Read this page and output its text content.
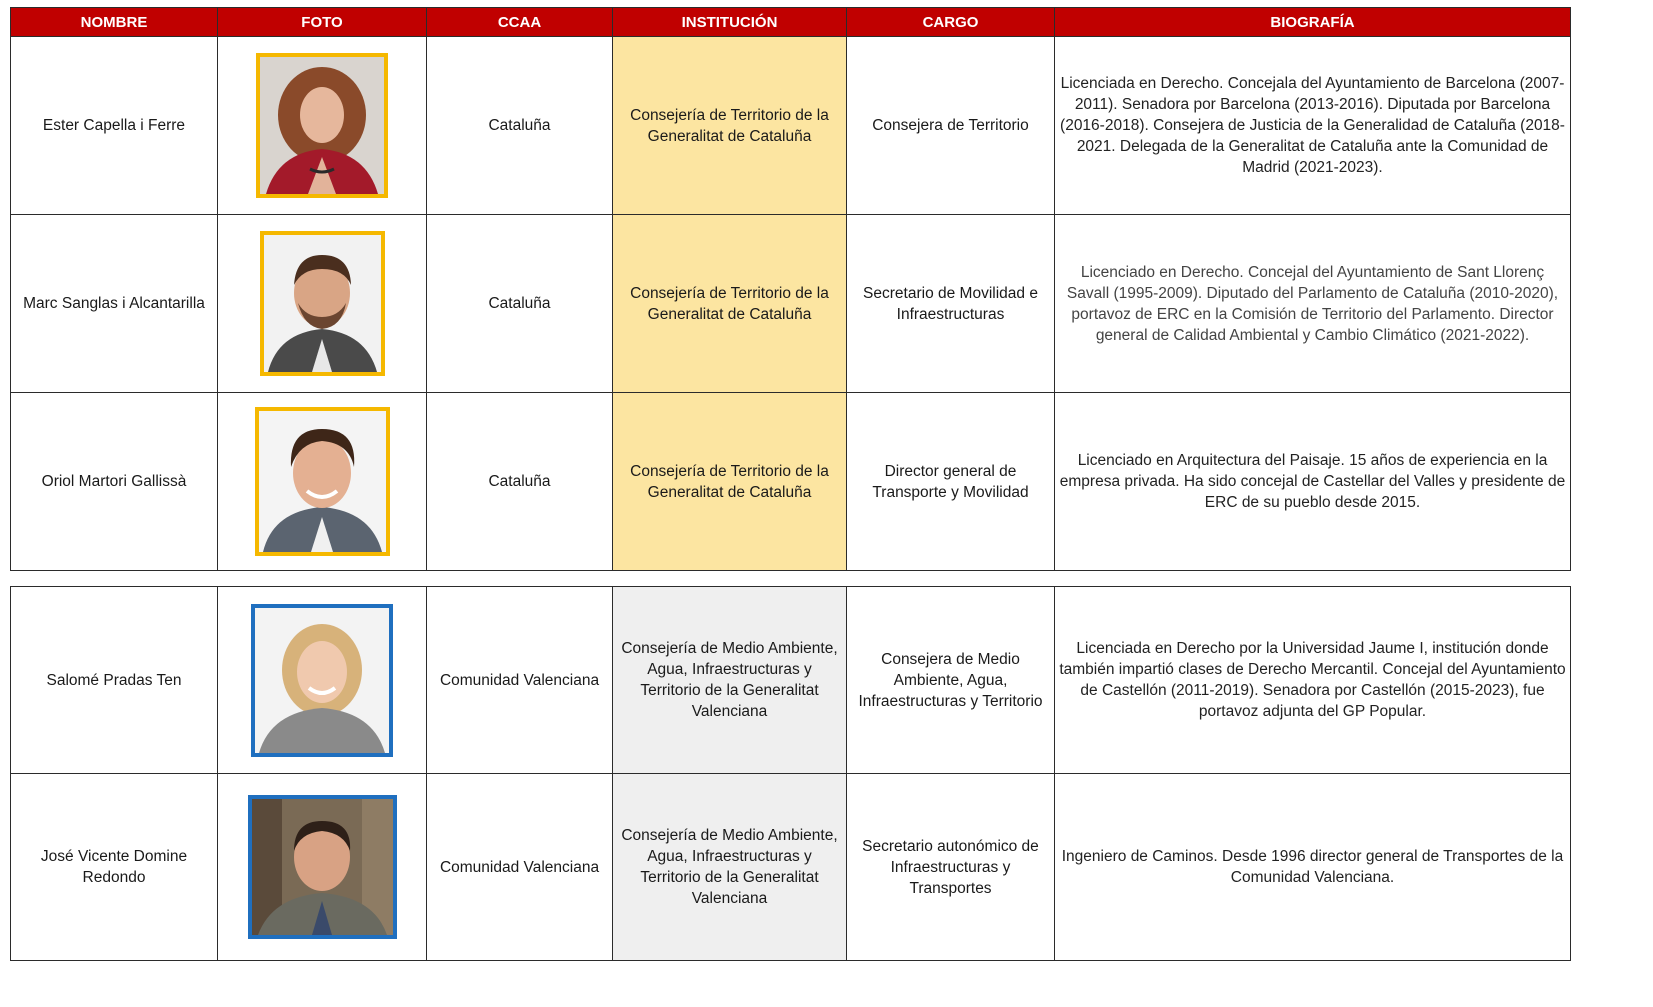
NOMBRE	FOTO	CCAA	INSTITUCIÓN	CARGO	BIOGRAFÍA
Ester Capella i Ferre		Cataluña	Consejería de Territorio de la Generalitat de Cataluña	Consejera de Territorio	Licenciada en Derecho. Concejala del Ayuntamiento de Barcelona (2007-2011). Senadora por Barcelona (2013-2016). Diputada por Barcelona (2016-2018). Consejera de Justicia de la Generalidad de Cataluña (2018-2021. Delegada de la Generalitat de Cataluña ante la Comunidad de Madrid (2021-2023).
Marc Sanglas i Alcantarilla		Cataluña	Consejería de Territorio de la Generalitat de Cataluña	Secretario de Movilidad e Infraestructuras	Licenciado en Derecho. Concejal del Ayuntamiento de Sant Llorenç Savall (1995-2009). Diputado del Parlamento de Cataluña (2010-2020), portavoz de ERC en la Comisión de Territorio del Parlamento. Director general de Calidad Ambiental y Cambio Climático (2021-2022).
Oriol Martori Gallissà		Cataluña	Consejería de Territorio de la Generalitat de Cataluña	Director general de Transporte y Movilidad	Licenciado en Arquitectura del Paisaje. 15 años de experiencia en la empresa privada. Ha sido concejal de Castellar del Valles y presidente de ERC de su pueblo desde 2015.
Salomé Pradas Ten		Comunidad Valenciana	Consejería de Medio Ambiente, Agua, Infraestructuras y Territorio de la Generalitat Valenciana	Consejera de Medio Ambiente, Agua, Infraestructuras y Territorio	Licenciada en Derecho por la Universidad Jaume I, institución donde también impartió clases de Derecho Mercantil. Concejal del Ayuntamiento de Castellón (2011-2019). Senadora por Castellón (2015-2023), fue portavoz adjunta del GP Popular.
José Vicente Domine Redondo		Comunidad Valenciana	Consejería de Medio Ambiente, Agua, Infraestructuras y Territorio de la Generalitat Valenciana	Secretario autonómico de Infraestructuras y Transportes	Ingeniero de Caminos. Desde 1996 director general de Transportes de la Comunidad Valenciana.
